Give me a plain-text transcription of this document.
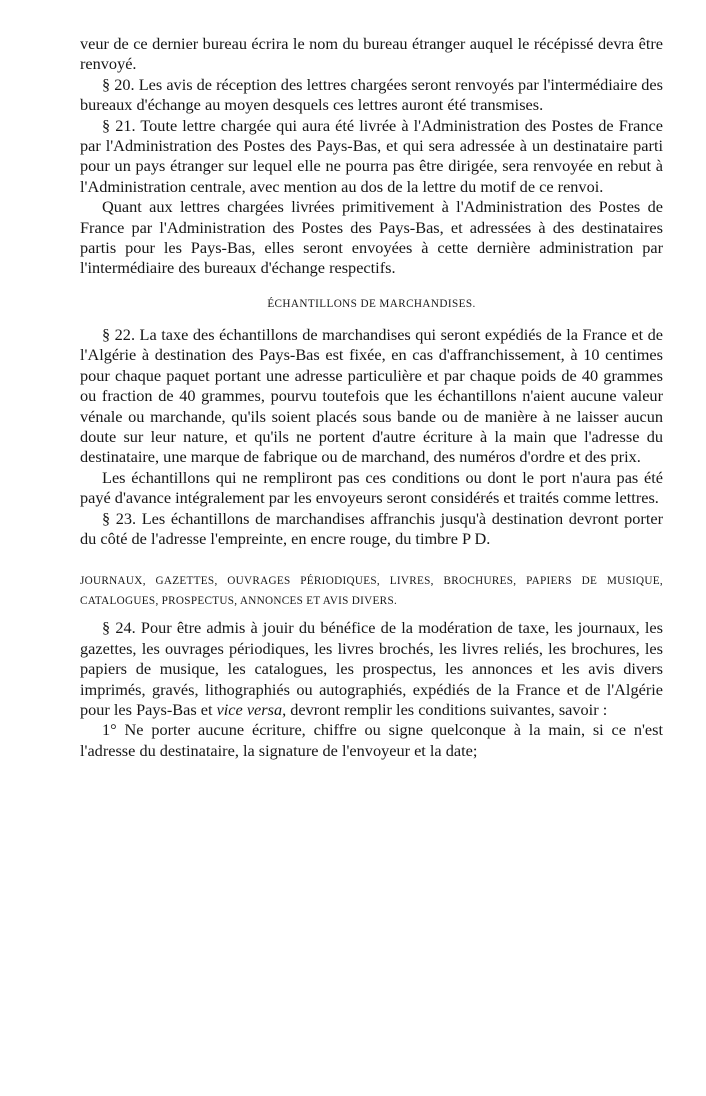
veur de ce dernier bureau écrira le nom du bureau étranger auquel le récépissé devra être renvoyé.

§ 20. Les avis de réception des lettres chargées seront renvoyés par l'intermédiaire des bureaux d'échange au moyen desquels ces lettres auront été transmises.

§ 21. Toute lettre chargée qui aura été livrée à l'Administration des Postes de France par l'Administration des Postes des Pays-Bas, et qui sera adressée à un destinataire parti pour un pays étranger sur lequel elle ne pourra pas être dirigée, sera renvoyée en rebut à l'Administration centrale, avec mention au dos de la lettre du motif de ce renvoi.

Quant aux lettres chargées livrées primitivement à l'Administration des Postes de France par l'Administration des Postes des Pays-Bas, et adressées à des destinataires partis pour les Pays-Bas, elles seront envoyées à cette dernière administration par l'intermédiaire des bureaux d'échange respectifs.

ÉCHANTILLONS DE MARCHANDISES.

§ 22. La taxe des échantillons de marchandises qui seront expédiés de la France et de l'Algérie à destination des Pays-Bas est fixée, en cas d'affranchissement, à 10 centimes pour chaque paquet portant une adresse particulière et par chaque poids de 40 grammes ou fraction de 40 grammes, pourvu toutefois que les échantillons n'aient aucune valeur vénale ou marchande, qu'ils soient placés sous bande ou de manière à ne laisser aucun doute sur leur nature, et qu'ils ne portent d'autre écriture à la main que l'adresse du destinataire, une marque de fabrique ou de marchand, des numéros d'ordre et des prix.

Les échantillons qui ne rempliront pas ces conditions ou dont le port n'aura pas été payé d'avance intégralement par les envoyeurs seront considérés et traités comme lettres.

§ 23. Les échantillons de marchandises affranchis jusqu'à destination devront porter du côté de l'adresse l'empreinte, en encre rouge, du timbre P D.

JOURNAUX, GAZETTES, OUVRAGES PÉRIODIQUES, LIVRES, BROCHURES, PAPIERS DE MUSIQUE, CATALOGUES, PROSPECTUS, ANNONCES ET AVIS DIVERS.

§ 24. Pour être admis à jouir du bénéfice de la modération de taxe, les journaux, les gazettes, les ouvrages périodiques, les livres brochés, les livres reliés, les brochures, les papiers de musique, les catalogues, les prospectus, les annonces et les avis divers imprimés, gravés, lithographiés ou autographiés, expédiés de la France et de l'Algérie pour les Pays-Bas et vice versa, devront remplir les conditions suivantes, savoir :

1° Ne porter aucune écriture, chiffre ou signe quelconque à la main, si ce n'est l'adresse du destinataire, la signature de l'envoyeur et la date;
